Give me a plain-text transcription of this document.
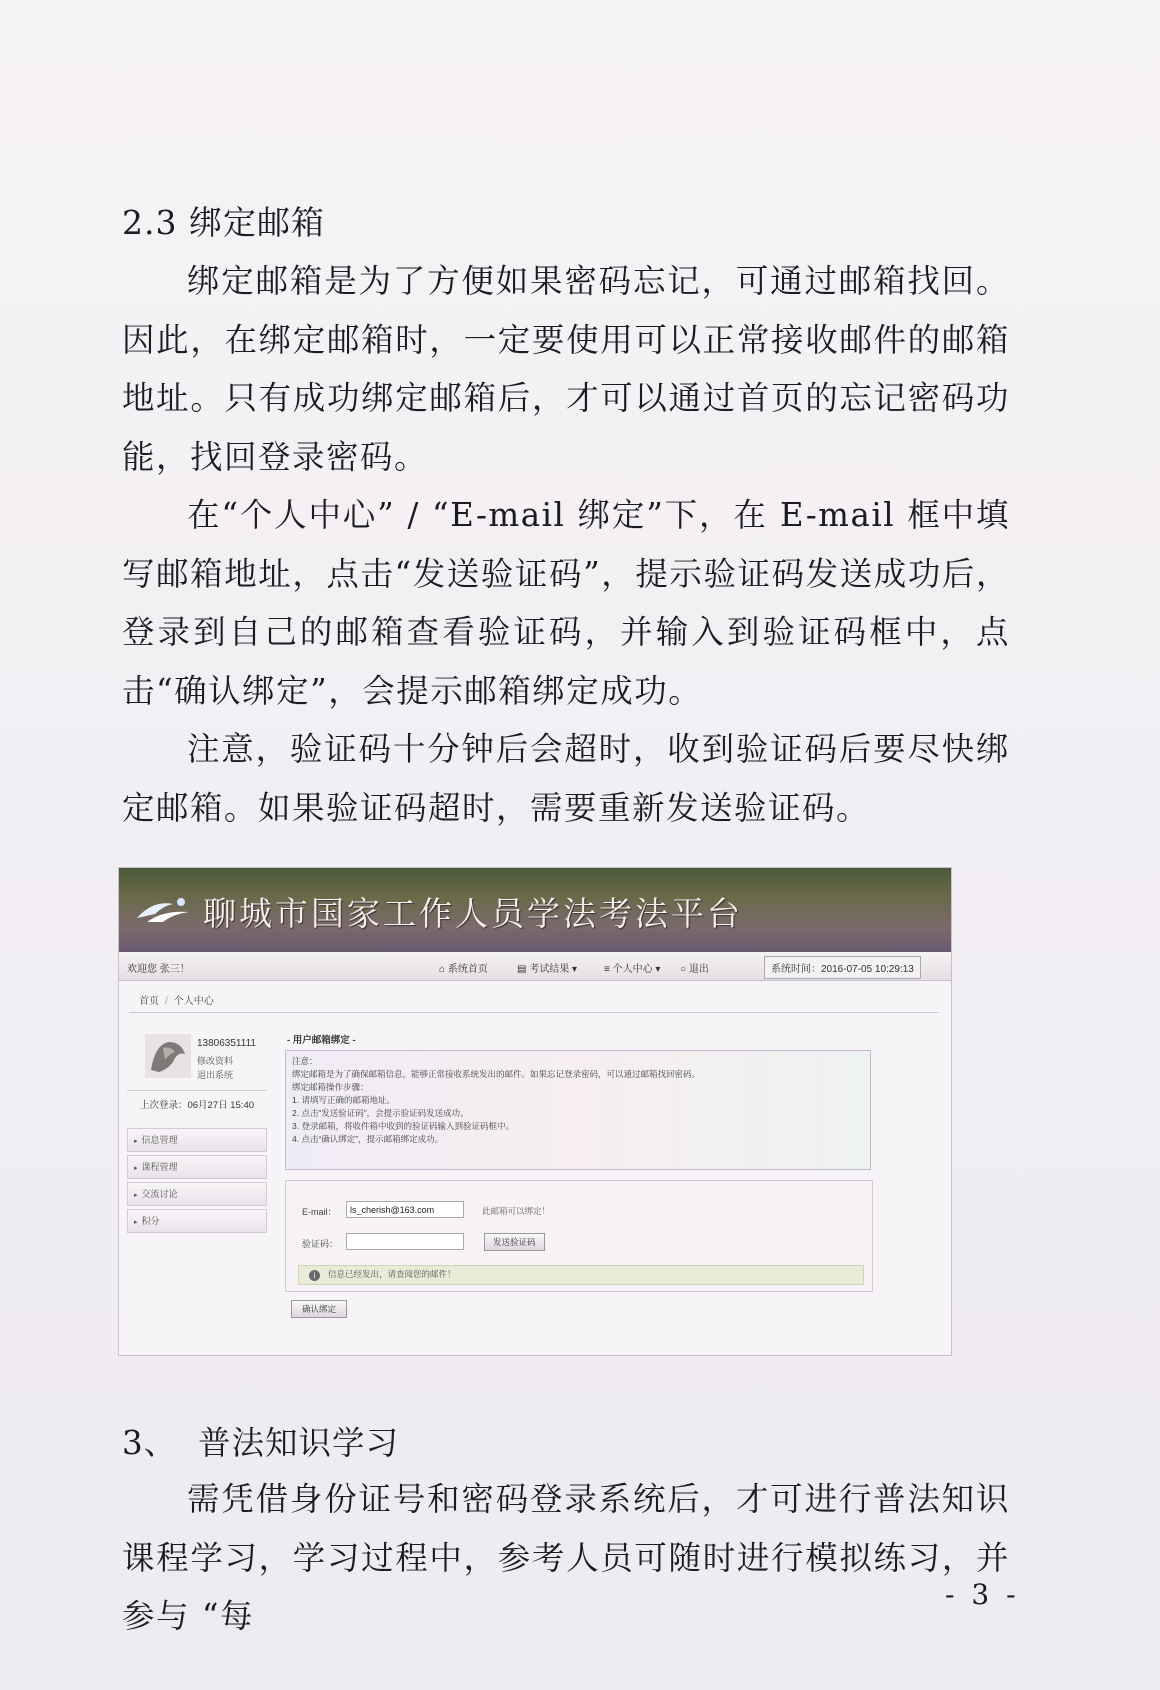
2.3 绑定邮箱

绑定邮箱是为了方便如果密码忘记，可通过邮箱找回。因此，在绑定邮箱时，一定要使用可以正常接收邮件的邮箱地址。只有成功绑定邮箱后，才可以通过首页的忘记密码功能，找回登录密码。

在“个人中心” / “E-mail 绑定”下，在 E-mail 框中填写邮箱地址，点击“发送验证码”，提示验证码发送成功后，登录到自己的邮箱查看验证码，并输入到验证码框中，点击“确认绑定”，会提示邮箱绑定成功。

注意，验证码十分钟后会超时，收到验证码后要尽快绑定邮箱。如果验证码超时，需要重新发送验证码。

聊城市国家工作人员学法考法平台
欢迎您 张三！	⌂ 系统首页	▤ 考试结果 ▾	≡ 个人中心 ▾ ○ 退出	系统时间：2016-07-05 10:29:13
首页 / 个人中心
13806351111
修改资料
退出系统
上次登录：06月27日 15:40
▸ 信息管理
▸ 课程管理
▸ 交流讨论
▸ 积分
- 用户邮箱绑定 -
注意：
绑定邮箱是为了确保邮箱信息，能够正常接收系统发出的邮件。如果忘记登录密码，可以通过邮箱找回密码。
绑定邮箱操作步骤：
1. 请填写正确的邮箱地址。
2. 点击“发送验证码”，会提示验证码发送成功。
3. 登录邮箱，将收件箱中收到的验证码输入到验证码框中。
4. 点击“确认绑定”，提示邮箱绑定成功。
E-mail：
ls_cherish@163.com	此邮箱可以绑定！
验证码：	发送验证码
i 信息已经发出，请查阅您的邮件！
确认绑定
3、 普法知识学习

需凭借身份证号和密码登录系统后，才可进行普法知识课程学习，学习过程中，参考人员可随时进行模拟练习，并参与 “每

- 3 -
